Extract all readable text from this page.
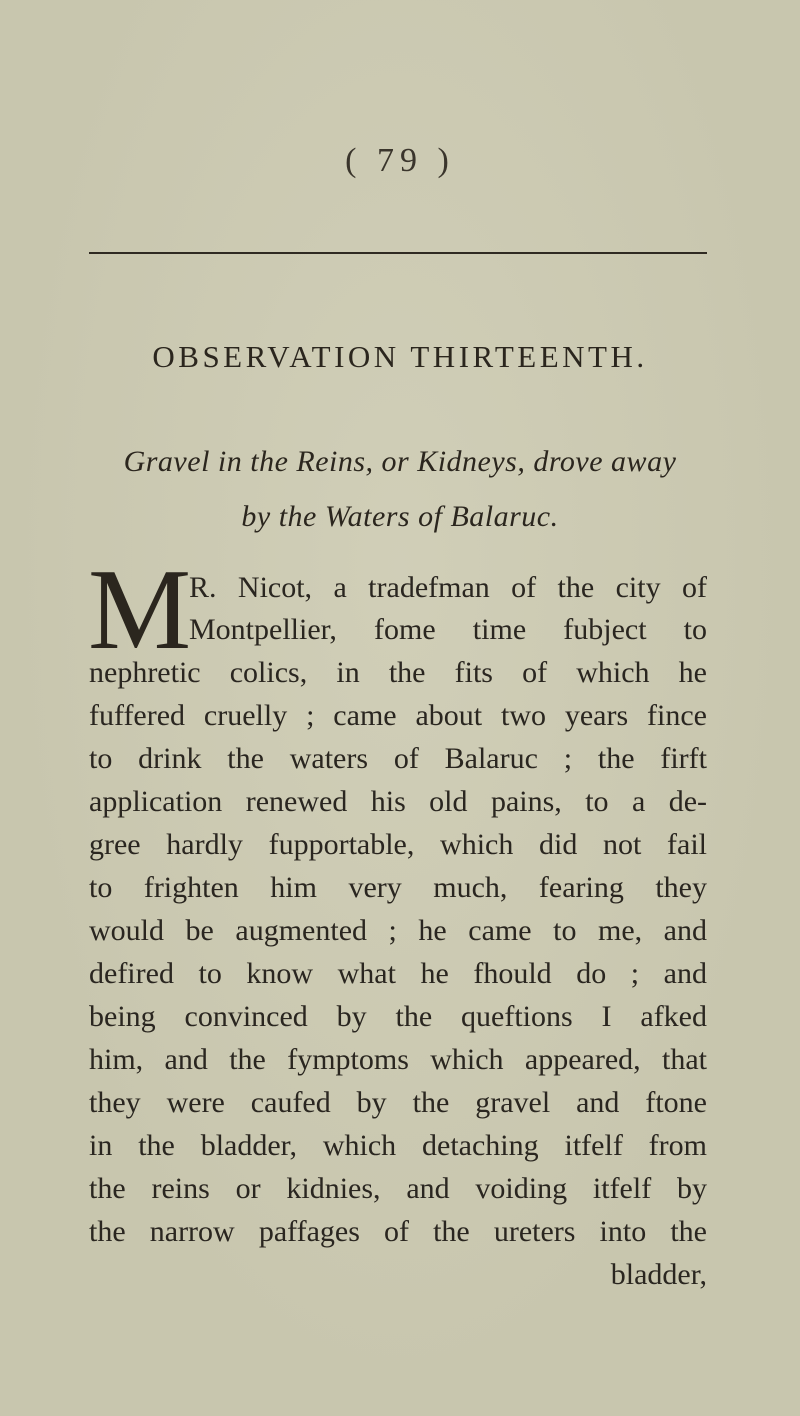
( 79 )
OBSERVATION THIRTEENTH.
Gravel in the Reins, or Kidneys, drove away
by the Waters of Balaruc.
M
R. Nicot, a tradefman of the city of
Montpellier, fome time fubject to
nephretic colics, in the fits of which he
fuffered cruelly ; came about two years fince
to drink the waters of Balaruc ; the firft
application renewed his old pains, to a de-
gree hardly fupportable, which did not fail
to frighten him very much, fearing they
would be augmented ; he came to me, and
defired to know what he fhould do ; and
being convinced by the queftions I afked
him, and the fymptoms which appeared, that
they were caufed by the gravel and ftone
in the bladder, which detaching itfelf from
the reins or kidnies, and voiding itfelf by
the narrow paffages of the ureters into the
bladder,
